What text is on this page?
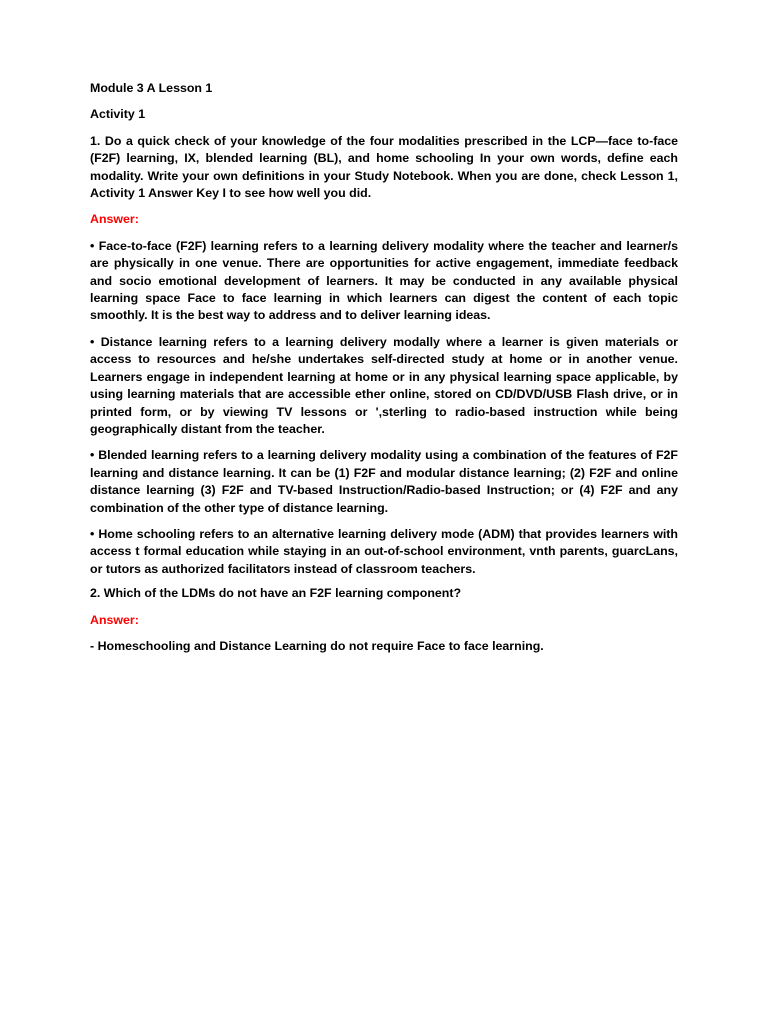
Module 3 A Lesson 1

Activity 1

1. Do a quick check of your knowledge of the four modalities prescribed in the LCP—face to-face (F2F) learning, IX, blended learning (BL), and home schooling In your own words, define each modality. Write your own definitions in your Study Notebook. When you are done, check Lesson 1, Activity 1 Answer Key I to see how well you did.

Answer:

• Face-to-face (F2F) learning refers to a learning delivery modality where the teacher and learner/s are physically in one venue. There are opportunities for active engagement, immediate feedback and socio emotional development of learners. It may be conducted in any available physical learning space Face to face learning in which learners can digest the content of each topic smoothly. It is the best way to address and to deliver learning ideas.

• Distance learning refers to a learning delivery modally where a learner is given materials or access to resources and he/she undertakes self-directed study at home or in another venue. Learners engage in independent learning at home or in any physical learning space applicable, by using learning materials that are accessible ether online, stored on CD/DVD/USB Flash drive, or in printed form, or by viewing TV lessons or ',sterling to radio-based instruction while being geographically distant from the teacher.

• Blended learning refers to a learning delivery modality using a combination of the features of F2F learning and distance learning. It can be (1) F2F and modular distance learning; (2) F2F and online distance learning (3) F2F and TV-based Instruction/Radio-based Instruction; or (4) F2F and any combination of the other type of distance learning.

• Home schooling refers to an alternative learning delivery mode (ADM) that provides learners with access t formal education while staying in an out-of-school environment, vnth parents, guarcLans, or tutors as authorized facilitators instead of classroom teachers.

2. Which of the LDMs do not have an F2F learning component?

Answer:

- Homeschooling and Distance Learning do not require Face to face learning.
